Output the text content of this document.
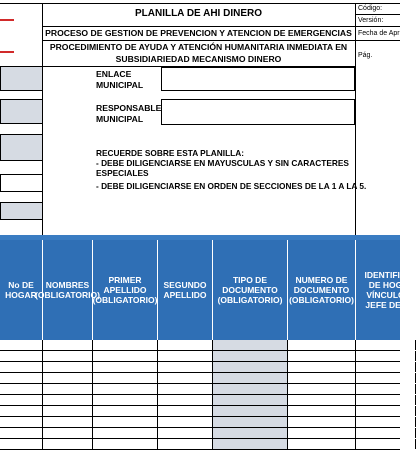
PLANILLA DE AHI DINERO
PROCESO DE GESTION DE PREVENCION Y ATENCION DE EMERGENCIAS
PROCEDIMIENTO DE AYUDA Y ATENCIÓN HUMANITARIA INMEDIATA EN
SUBSIDIARIEDAD MECANISMO DINERO
Código:
Versión:
Fecha de Apr
Pág.
ENLACE
MUNICIPAL
RESPONSABLE
MUNICIPAL
RECUERDE SOBRE ESTA PLANILLA:
- DEBE DILIGENCIARSE EN MAYUSCULAS Y SIN CARACTERES
ESPECIALES
- DEBE DILIGENCIARSE EN ORDEN DE SECCIONES DE LA 1 A LA 5.
No DE HOGAR
NOMBRES (OBLIGATORIO)
PRIMER APELLIDO (OBLIGATORIO)
SEGUNDO APELLIDO
TIPO DE DOCUMENTO (OBLIGATORIO)
NUMERO DE DOCUMENTO (OBLIGATORIO)
IDENTIFIQ DE HOG VÍNCULO JEFE DE I
